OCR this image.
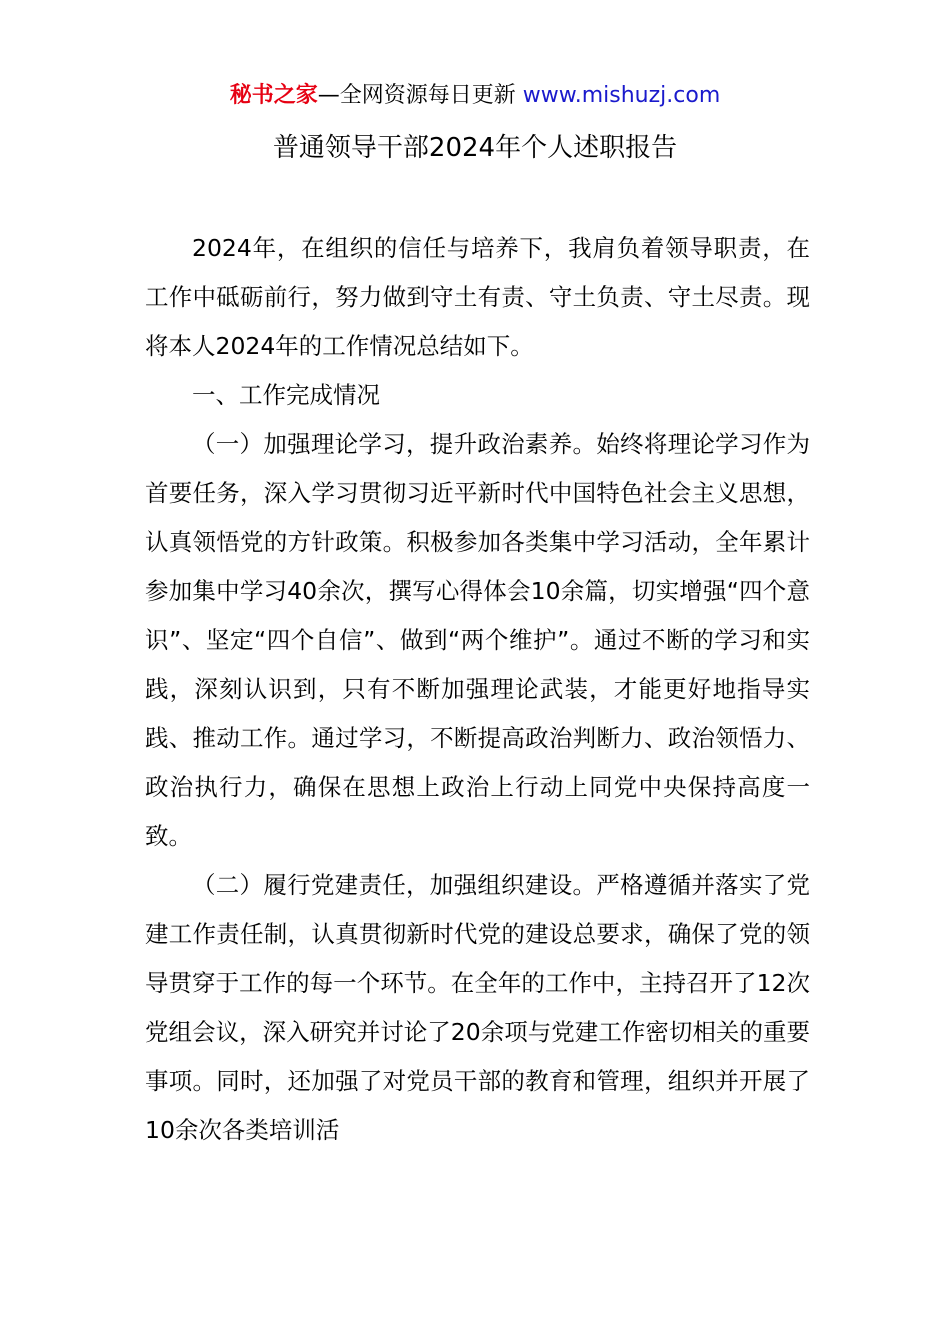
秘书之家—全网资源每日更新 www.mishuzj.com
普通领导干部2024年个人述职报告

2024年，在组织的信任与培养下，我肩负着领导职责，在工作中砥砺前行，努力做到守土有责、守土负责、守土尽责。现将本人2024年的工作情况总结如下。

一、工作完成情况

（一）加强理论学习，提升政治素养。始终将理论学习作为首要任务，深入学习贯彻习近平新时代中国特色社会主义思想，认真领悟党的方针政策。积极参加各类集中学习活动，全年累计参加集中学习40余次，撰写心得体会10余篇，切实增强“四个意识”、坚定“四个自信”、做到“两个维护”。通过不断的学习和实践，深刻认识到，只有不断加强理论武装，才能更好地指导实践、推动工作。通过学习，不断提高政治判断力、政治领悟力、政治执行力，确保在思想上政治上行动上同党中央保持高度一致。

（二）履行党建责任，加强组织建设。严格遵循并落实了党建工作责任制，认真贯彻新时代党的建设总要求，确保了党的领导贯穿于工作的每一个环节。在全年的工作中，主持召开了12次党组会议，深入研究并讨论了20余项与党建工作密切相关的重要事项。同时，还加强了对党员干部的教育和管理，组织并开展了10余次各类培训活
